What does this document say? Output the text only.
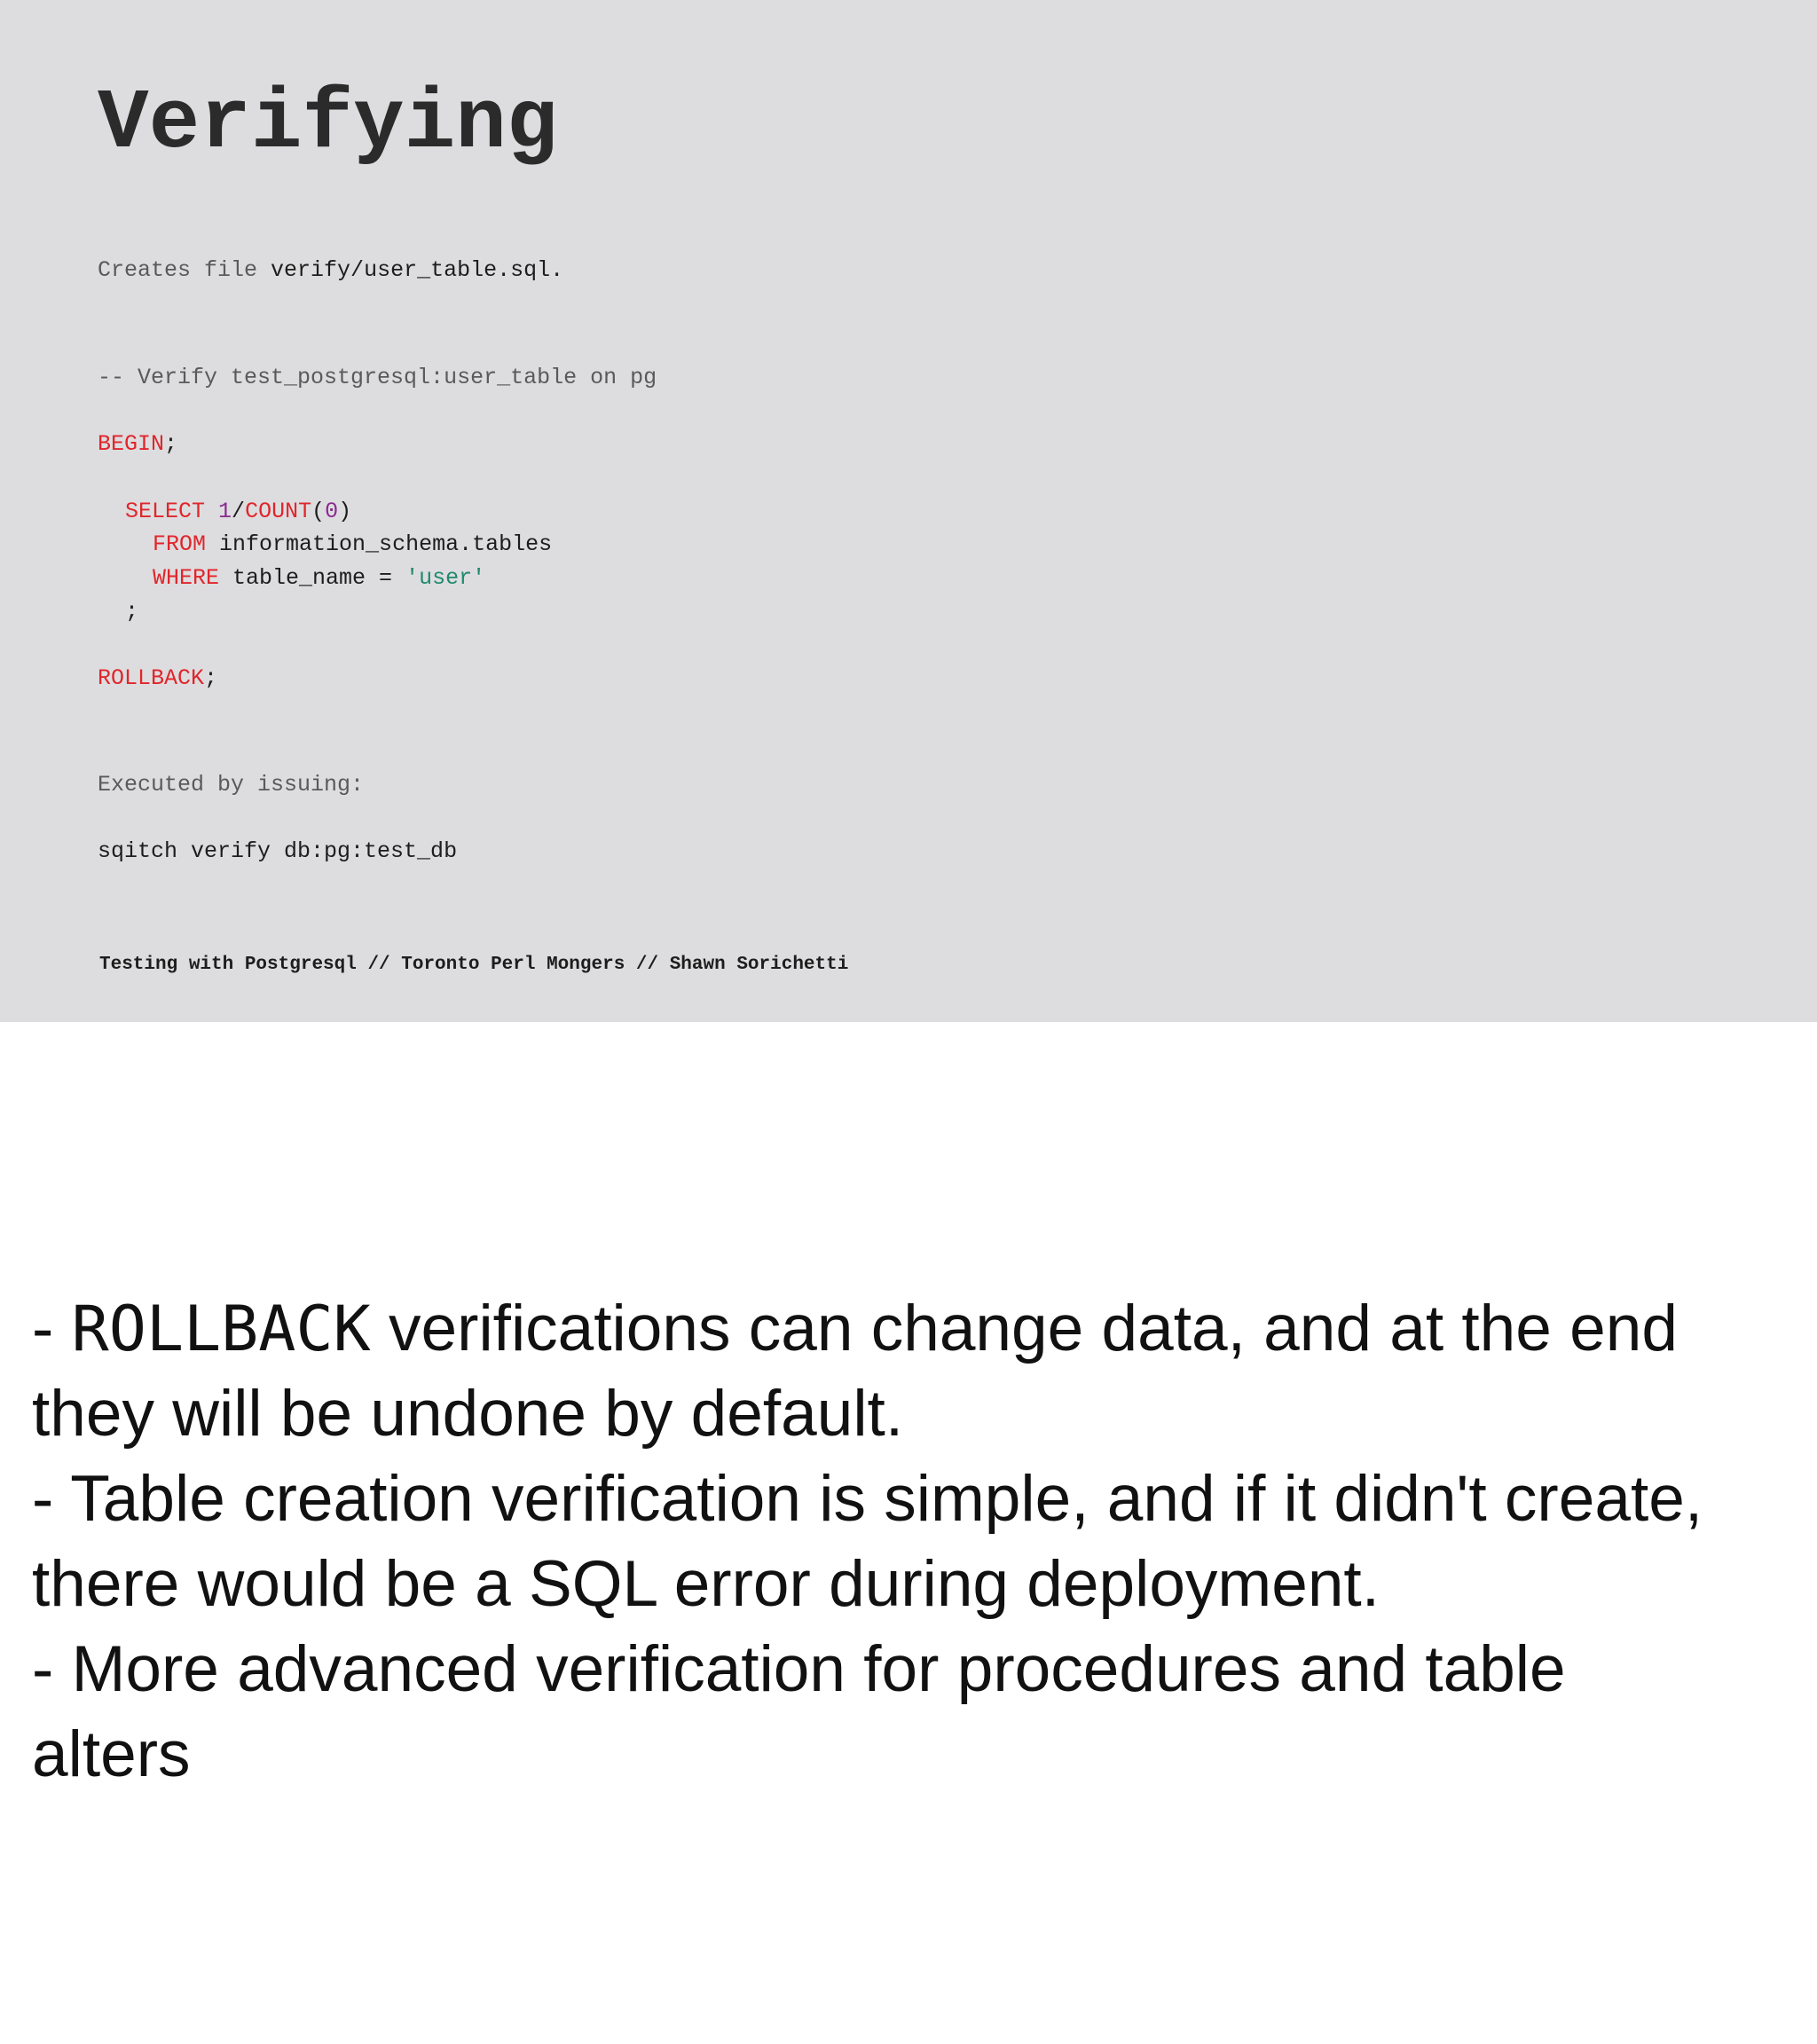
Verifying
Creates file verify/user_table.sql.
-- Verify test_postgresql:user_table on pg
BEGIN;
SELECT 1/COUNT(0)
FROM information_schema.tables
WHERE table_name = 'user'
;
ROLLBACK;
Executed by issuing:
sqitch verify db:pg:test_db
Testing with Postgresql // Toronto Perl Mongers // Shawn Sorichetti
- ROLLBACK verifications can change data, and at the end
they will be undone by default.
- Table creation verification is simple, and if it didn't create,
there would be a SQL error during deployment.
- More advanced verification for procedures and table
alters
